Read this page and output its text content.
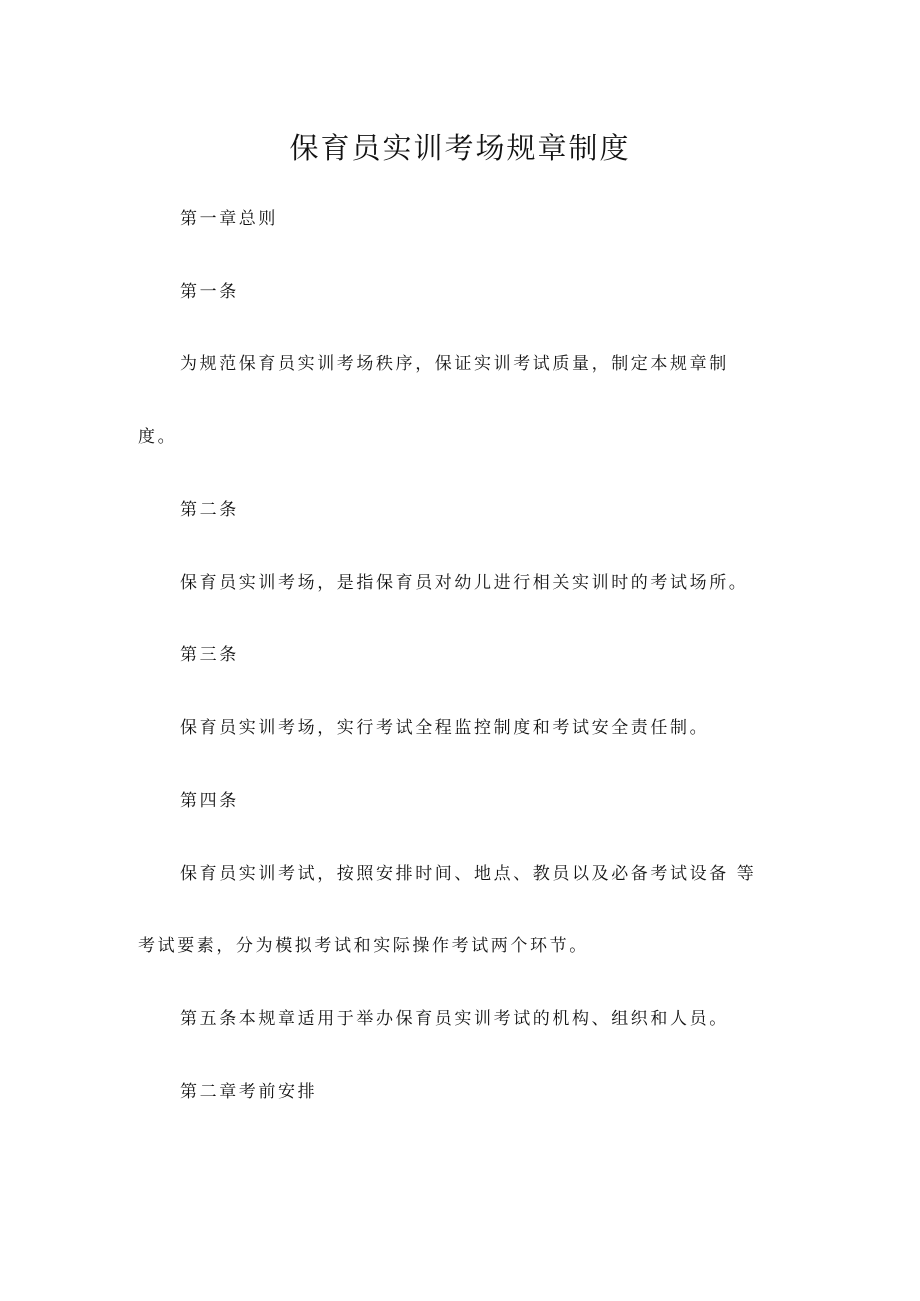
保育员实训考场规章制度
第一章总则
第一条
为规范保育员实训考场秩序，保证实训考试质量，制定本规章制
度。
第二条
保育员实训考场，是指保育员对幼儿进行相关实训时的考试场所。
第三条
保育员实训考场，实行考试全程监控制度和考试安全责任制。
第四条
保育员实训考试，按照安排时间、地点、教员以及必备考试设备 等
考试要素，分为模拟考试和实际操作考试两个环节。
第五条本规章适用于举办保育员实训考试的机构、组织和人员。
第二章考前安排
